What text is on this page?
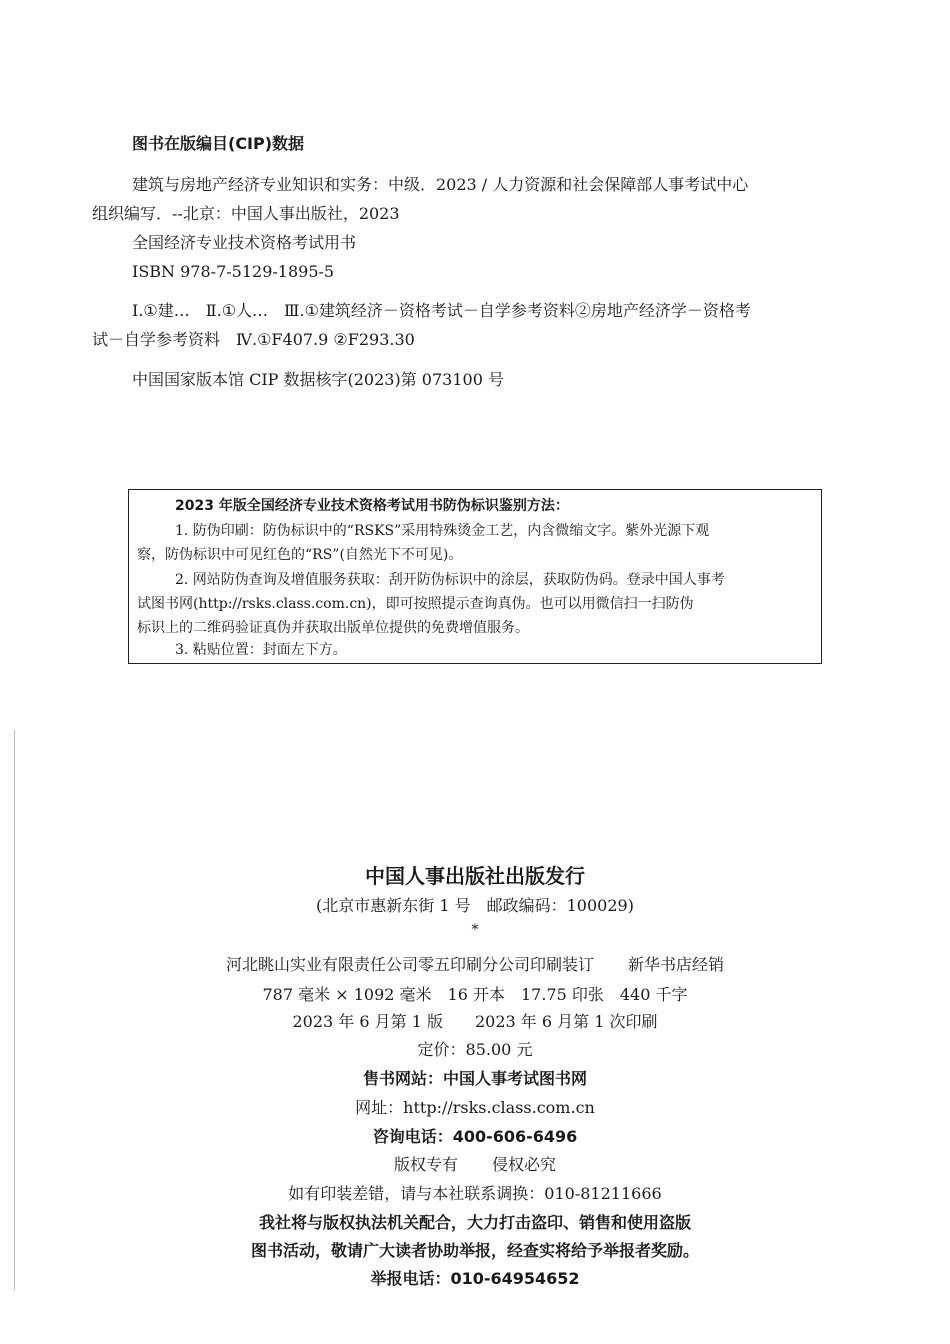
图书在版编目(CIP)数据
建筑与房地产经济专业知识和实务：中级．2023 / 人力资源和社会保障部人事考试中心
组织编写．--北京：中国人事出版社，2023
全国经济专业技术资格考试用书
ISBN 978-7-5129-1895-5
Ⅰ.①建…　Ⅱ.①人…　Ⅲ.①建筑经济－资格考试－自学参考资料②房地产经济学－资格考
试－自学参考资料　Ⅳ.①F407.9 ②F293.30
中国国家版本馆 CIP 数据核字(2023)第 073100 号
2023 年版全国经济专业技术资格考试用书防伪标识鉴别方法：
1. 防伪印刷：防伪标识中的“RSKS”采用特殊烫金工艺，内含微缩文字。紫外光源下观
察，防伪标识中可见红色的“RS”(自然光下不可见)。
2. 网站防伪查询及增值服务获取：刮开防伪标识中的涂层，获取防伪码。登录中国人事考
试图书网(http://rsks.class.com.cn)，即可按照提示查询真伪。也可以用微信扫一扫防伪
标识上的二维码验证真伪并获取出版单位提供的免费增值服务。
3. 粘贴位置：封面左下方。
中国人事出版社出版发行
(北京市惠新东街 1 号　邮政编码：100029)
*
河北眺山实业有限责任公司零五印刷分公司印刷装订 新华书店经销
787 毫米 × 1092 毫米　16 开本　17.75 印张　440 千字
2023 年 6 月第 1 版　　2023 年 6 月第 1 次印刷
定价：85.00 元
售书网站：中国人事考试图书网
网址：http://rsks.class.com.cn
咨询电话：400-606-6496
版权专有 侵权必究
如有印装差错，请与本社联系调换：010-81211666
我社将与版权执法机关配合，大力打击盗印、销售和使用盗版
图书活动，敬请广大读者协助举报，经查实将给予举报者奖励。
举报电话：010-64954652
